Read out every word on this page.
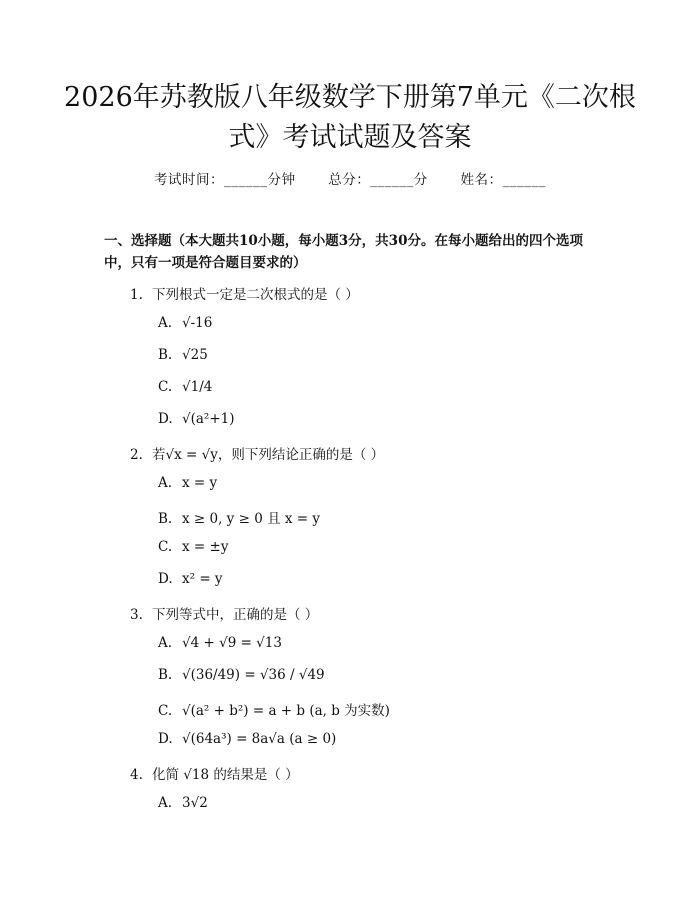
2026年苏教版八年级数学下册第7单元《二次根式》考试试题及答案
考试时间：______分钟 总分：______分 姓名：______

一、选择题（本大题共10小题，每小题3分，共30分。在每小题给出的四个选项中，只有一项是符合题目要求的）

1. 下列根式一定是二次根式的是（ ）

A. √-16

B. √25

C. √1/4

D. √(a²+1)

2. 若√x = √y，则下列结论正确的是（ ）

A. x = y

B. x ≥ 0, y ≥ 0 且 x = y

C. x = ±y

D. x² = y

3. 下列等式中，正确的是（ ）

A. √4 + √9 = √13

B. √(36/49) = √36 / √49

C. √(a² + b²) = a + b (a, b 为实数)

D. √(64a³) = 8a√a (a ≥ 0)

4. 化简 √18 的结果是（ ）

A. 3√2
